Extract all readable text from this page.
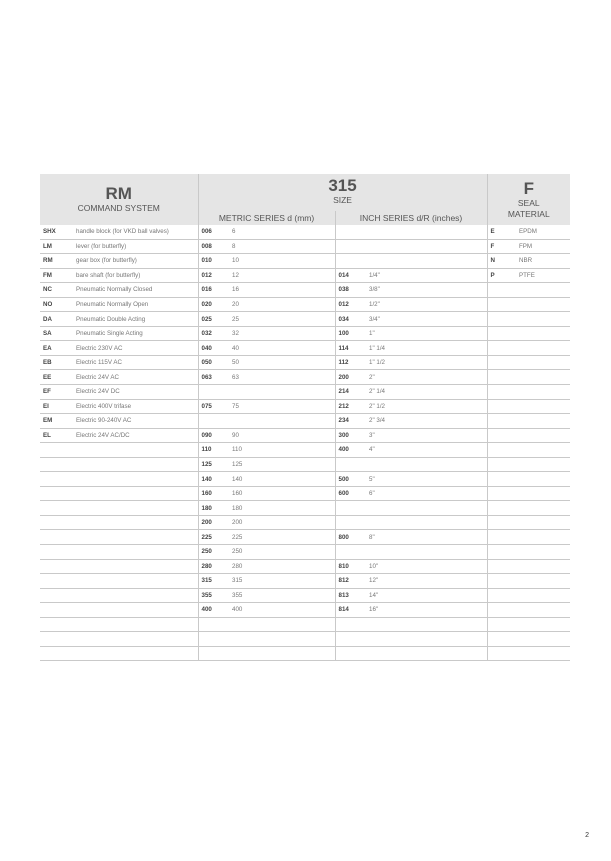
RM
COMMAND SYSTEM		315
SIZE				F
SEAL
MATERIAL	

		METRIC SERIES d (mm)		INCH SERIES d/R (inches)			
SHX	handle block (for VKD ball valves)	006	6			E	EPDM
LM	lever (for butterfly)	008	8			F	FPM
RM	gear box (for butterfly)	010	10			N	NBR
FM	bare shaft (for butterfly)	012	12	014	1/4"	P	PTFE
NC	Pneumatic Normally Closed	016	16	038	3/8"		
NO	Pneumatic Normally Open	020	20	012	1/2"		
DA	Pneumatic Double Acting	025	25	034	3/4"		
SA	Pneumatic Single Acting	032	32	100	1"		
EA	Electric 230V AC	040	40	114	1" 1/4		
EB	Electric 115V AC	050	50	112	1" 1/2		
EE	Electric 24V AC	063	63	200	2"		
EF	Electric 24V DC			214	2" 1/4		
EI	Electric 400V trifase	075	75	212	2" 1/2		
EM	Electric 90-240V AC			234	2" 3/4		
EL	Electric 24V AC/DC	090	90	300	3"		
		110	110	400	4"		
		125	125				
		140	140	500	5"		
		160	160	600	6"		
		180	180				
		200	200				
		225	225	800	8"		
		250	250				
		280	280	810	10"		
		315	315	812	12"		
		355	355	813	14"		
		400	400	814	16"		

2
